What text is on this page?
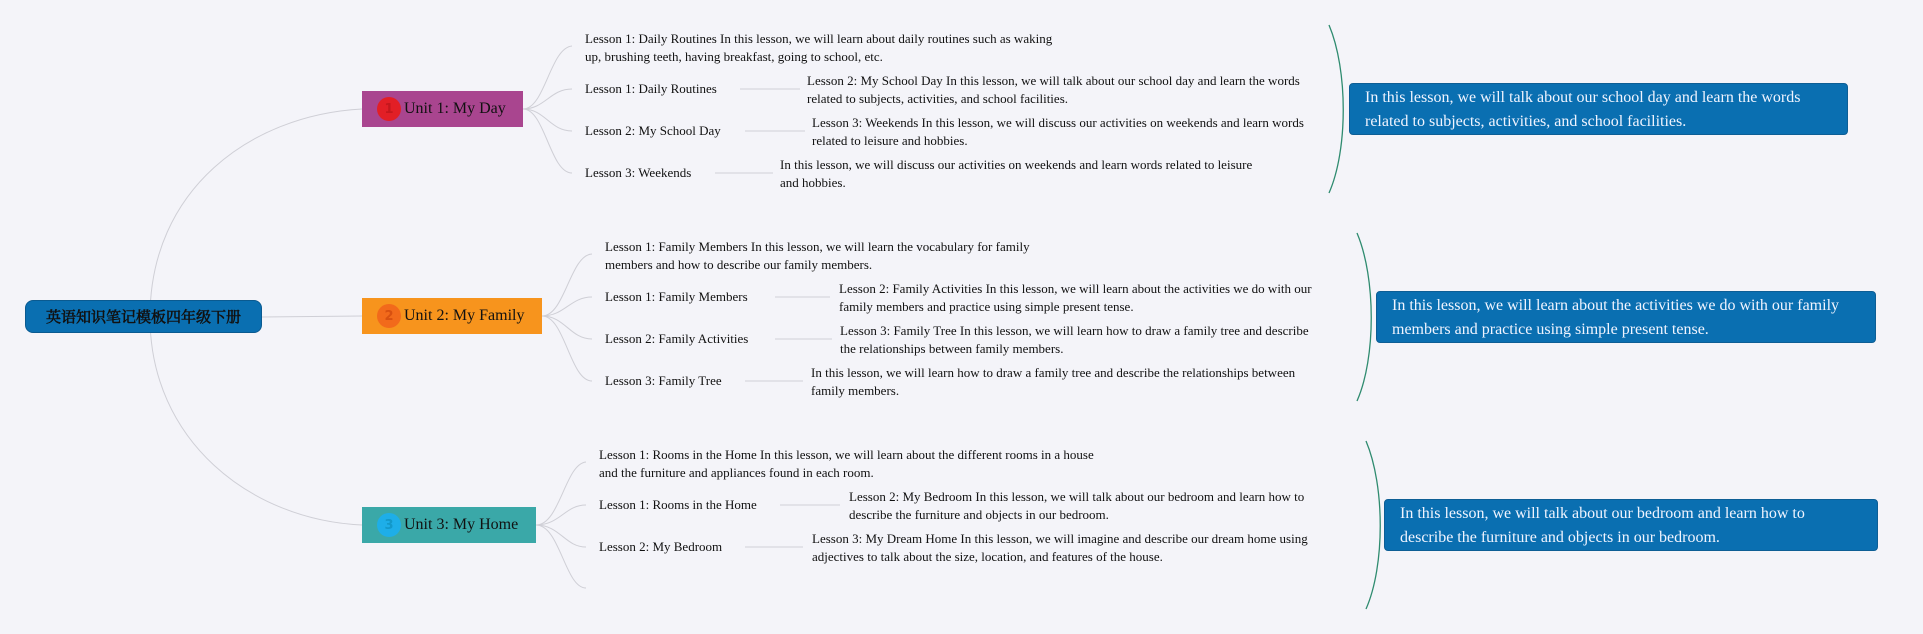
英语知识笔记模板四年级下册
1 Unit 1: My Day
Lesson 1: Daily Routines In this lesson, we will learn about daily routines such as waking up, brushing teeth, having breakfast, going to school, etc.
Lesson 1: Daily Routines
Lesson 2: My School Day
Lesson 3: Weekends
Lesson 2: My School Day In this lesson, we will talk about our school day and learn the words related to subjects, activities, and school facilities.
Lesson 3: Weekends In this lesson, we will discuss our activities on weekends and learn words related to leisure and hobbies.
In this lesson, we will discuss our activities on weekends and learn words related to leisure and hobbies.
In this lesson, we will talk about our school day and learn the words related to subjects, activities, and school facilities.
2 Unit 2: My Family
Lesson 1: Family Members In this lesson, we will learn the vocabulary for family members and how to describe our family members.
Lesson 1: Family Members
Lesson 2: Family Activities
Lesson 3: Family Tree
Lesson 2: Family Activities In this lesson, we will learn about the activities we do with our family members and practice using simple present tense.
Lesson 3: Family Tree In this lesson, we will learn how to draw a family tree and describe the relationships between family members.
In this lesson, we will learn how to draw a family tree and describe the relationships between family members.
In this lesson, we will learn about the activities we do with our family members and practice using simple present tense.
3 Unit 3: My Home
Lesson 1: Rooms in the Home In this lesson, we will learn about the different rooms in a house and the furniture and appliances found in each room.
Lesson 1: Rooms in the Home
Lesson 2: My Bedroom
Lesson 2: My Bedroom In this lesson, we will talk about our bedroom and learn how to describe the furniture and objects in our bedroom.
Lesson 3: My Dream Home In this lesson, we will imagine and describe our dream home using adjectives to talk about the size, location, and features of the house.
In this lesson, we will talk about our bedroom and learn how to describe the furniture and objects in our bedroom.
